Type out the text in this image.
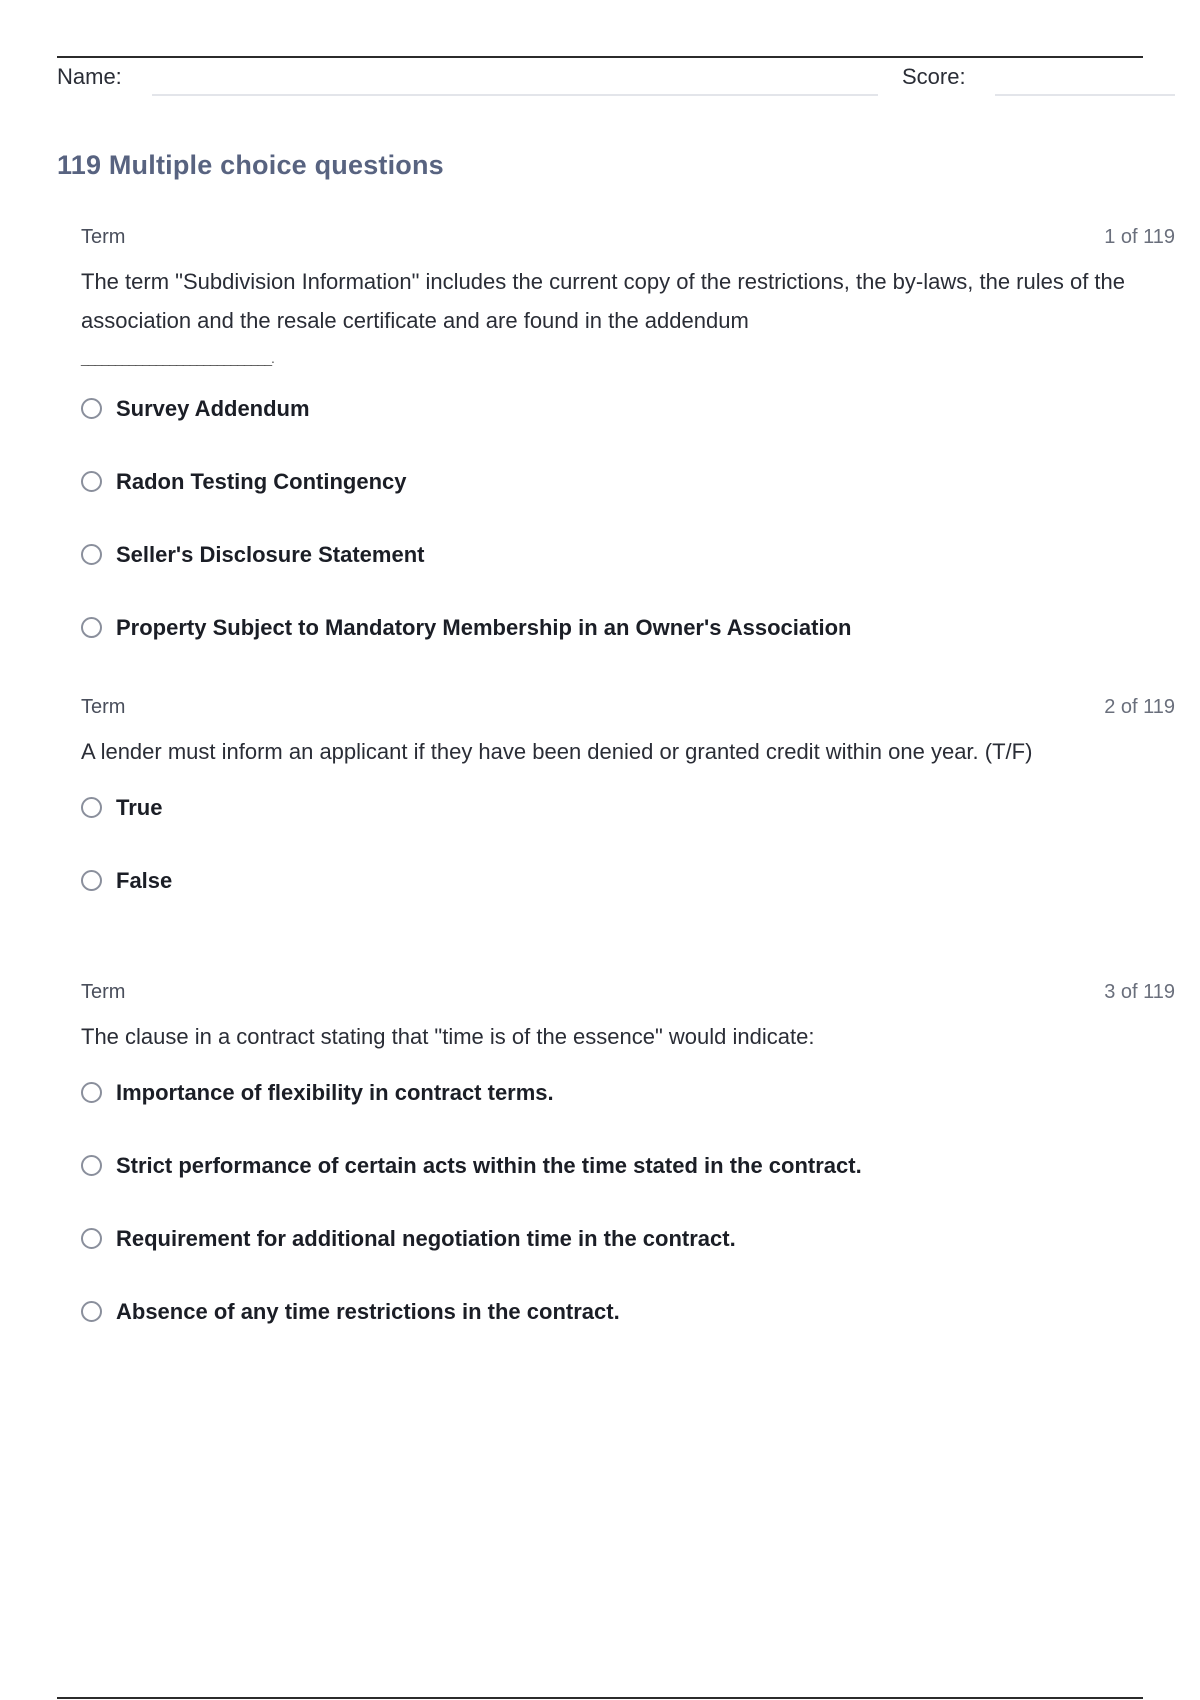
Name:	Score:
119 Multiple choice questions
Term	1 of 119
The term "Subdivision Information" includes the current copy of the restrictions, the by-laws, the rules of the association and the resale certificate and are found in the addendum
____________________________.
Survey Addendum
Radon Testing Contingency
Seller's Disclosure Statement
Property Subject to Mandatory Membership in an Owner's Association
Term	2 of 119
A lender must inform an applicant if they have been denied or granted credit within one year. (T/F)
True
False
Term	3 of 119
The clause in a contract stating that "time is of the essence" would indicate:
Importance of flexibility in contract terms.
Strict performance of certain acts within the time stated in the contract.
Requirement for additional negotiation time in the contract.
Absence of any time restrictions in the contract.
